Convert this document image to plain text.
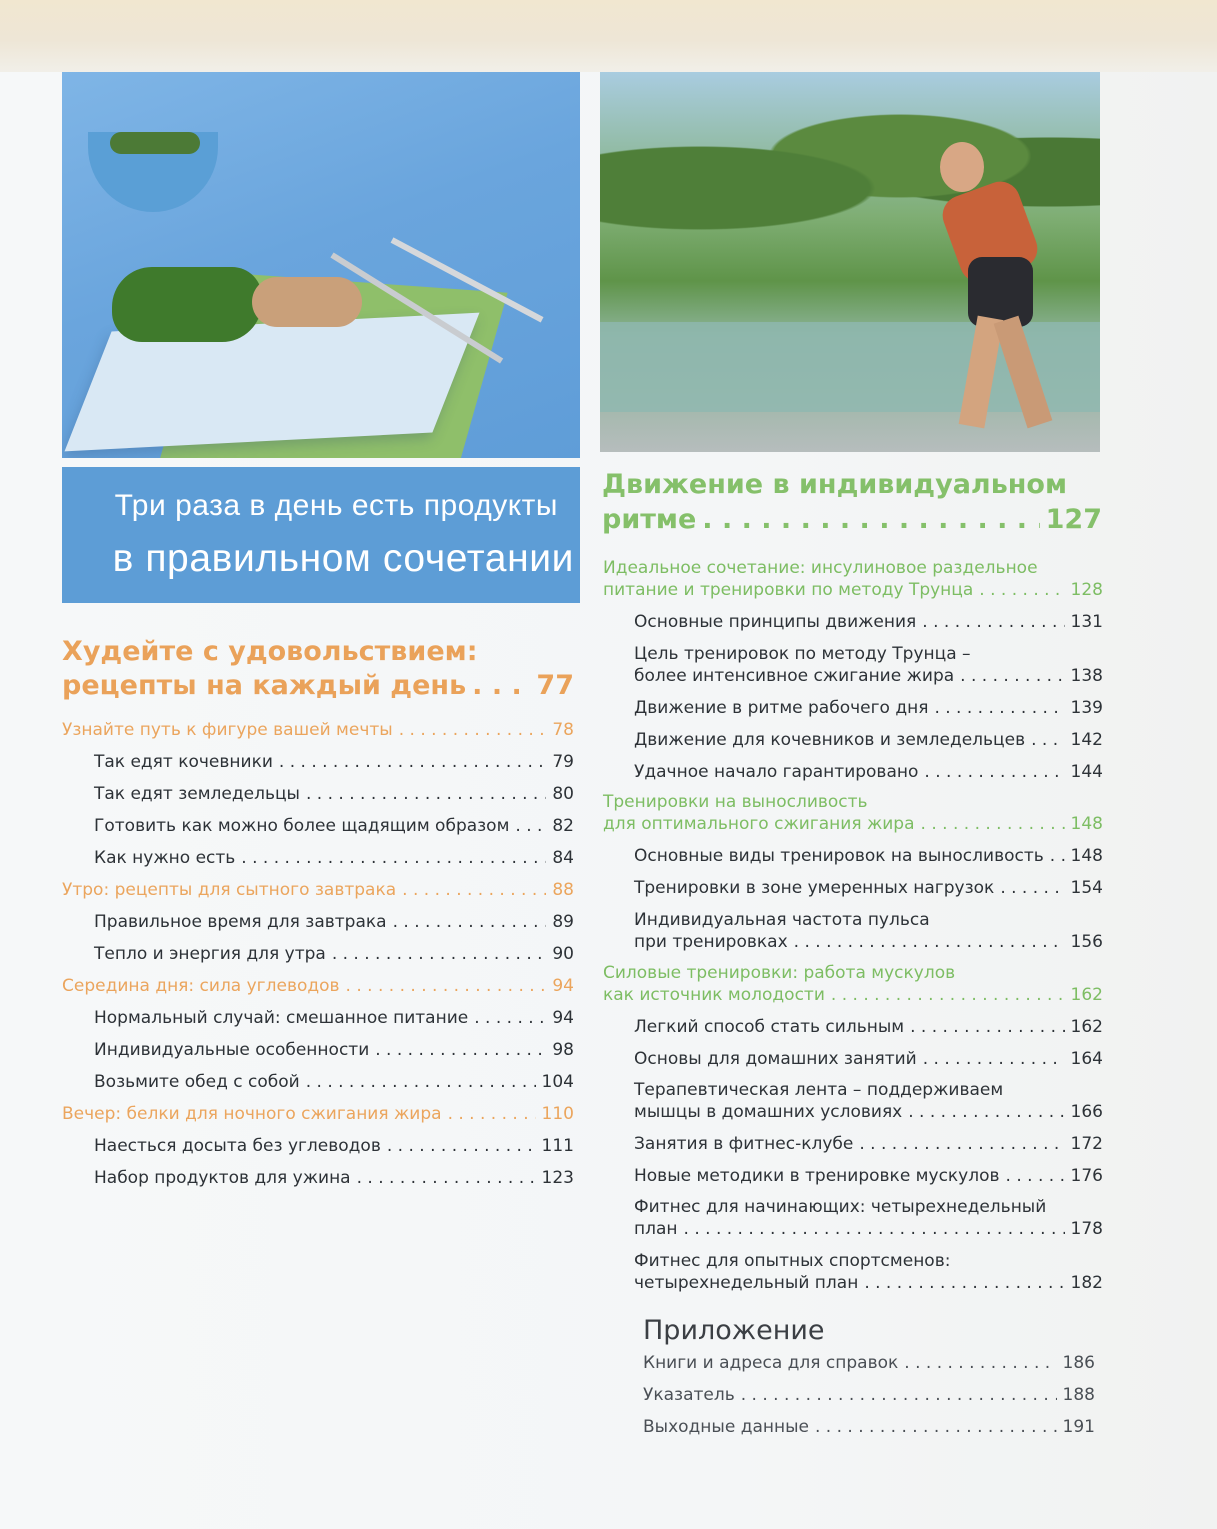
Три раза в день есть продукты
в правильном сочетании
Худейте с удовольствием:
рецепты на каждый день . . .	77
Узнайте путь к фигуре вашей мечты . . .	78
Так едят кочевники . . .	79
Так едят земледельцы . . .	80
Готовить как можно более щадящим образом . . .	82
Как нужно есть . . .	84
Утро: рецепты для сытного завтрака . . .	88
Правильное время для завтрака . . .	89
Тепло и энергия для утра . . .	90
Середина дня: сила углеводов . . .	94
Нормальный случай: смешанное питание . . .	94
Индивидуальные особенности . . .	98
Возьмите обед с собой . . .	104
Вечер: белки для ночного сжигания жира . . .	110
Наесться досыта без углеводов . . .	111
Набор продуктов для ужина . . .	123
Движение в индивидуальном
ритме . . .	127
Идеальное сочетание: инсулиновое раздельное
питание и тренировки по методу Трунца . . .	128
Основные принципы движения . . .	131
Цель тренировок по методу Трунца –
более интенсивное сжигание жира . . .	138
Движение в ритме рабочего дня . . .	139
Движение для кочевников и земледельцев . . .	142
Удачное начало гарантировано . . .	144
Тренировки на выносливость
для оптимального сжигания жира . . .	148
Основные виды тренировок на выносливость . . . 148
Тренировки в зоне умеренных нагрузок . . .	154
Индивидуальная частота пульса
при тренировках . . .	156
Силовые тренировки: работа мускулов
как источник молодости . . .	162
Легкий способ стать сильным . . .	162
Основы для домашних занятий . . .	164
Терапевтическая лента – поддерживаем
мышцы в домашних условиях . . .	166
Занятия в фитнес-клубе . . .	172
Новые методики в тренировке мускулов . . .	176
Фитнес для начинающих: четырехнедельный
план . . .	178
Фитнес для опытных спортсменов:
четырехнедельный план . . .	182
Приложение
Книги и адреса для справок . . .	186
Указатель . . .	188
Выходные данные . . .	191
